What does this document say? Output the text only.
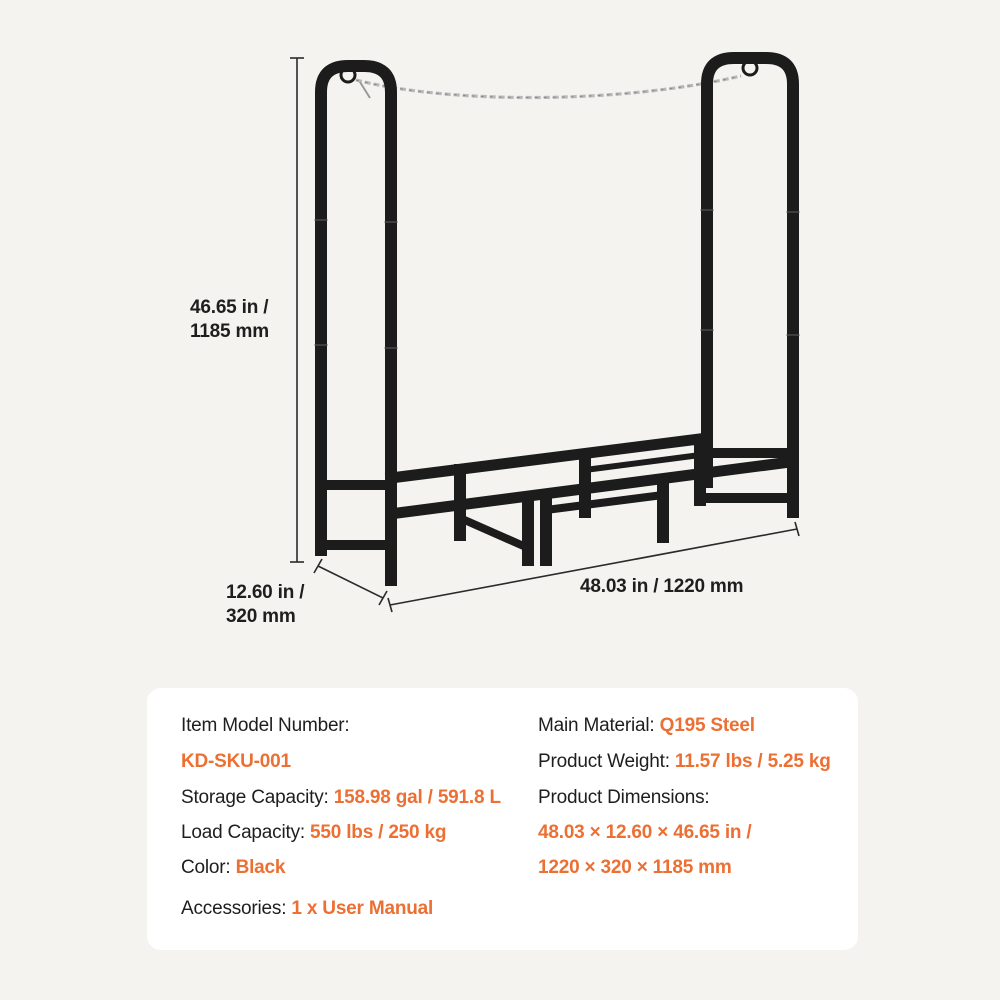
46.65 in /
1185 mm
12.60 in /
320 mm
48.03 in / 1220 mm
Item Model Number:
KD-SKU-001
Storage Capacity: 158.98 gal / 591.8 L
Load Capacity: 550 lbs / 250 kg
Color: Black
Accessories: 1 x User Manual
Main Material: Q195 Steel
Product Weight: 11.57 lbs / 5.25 kg
Product Dimensions:
48.03 × 12.60 × 46.65 in /
1220 × 320 × 1185 mm
